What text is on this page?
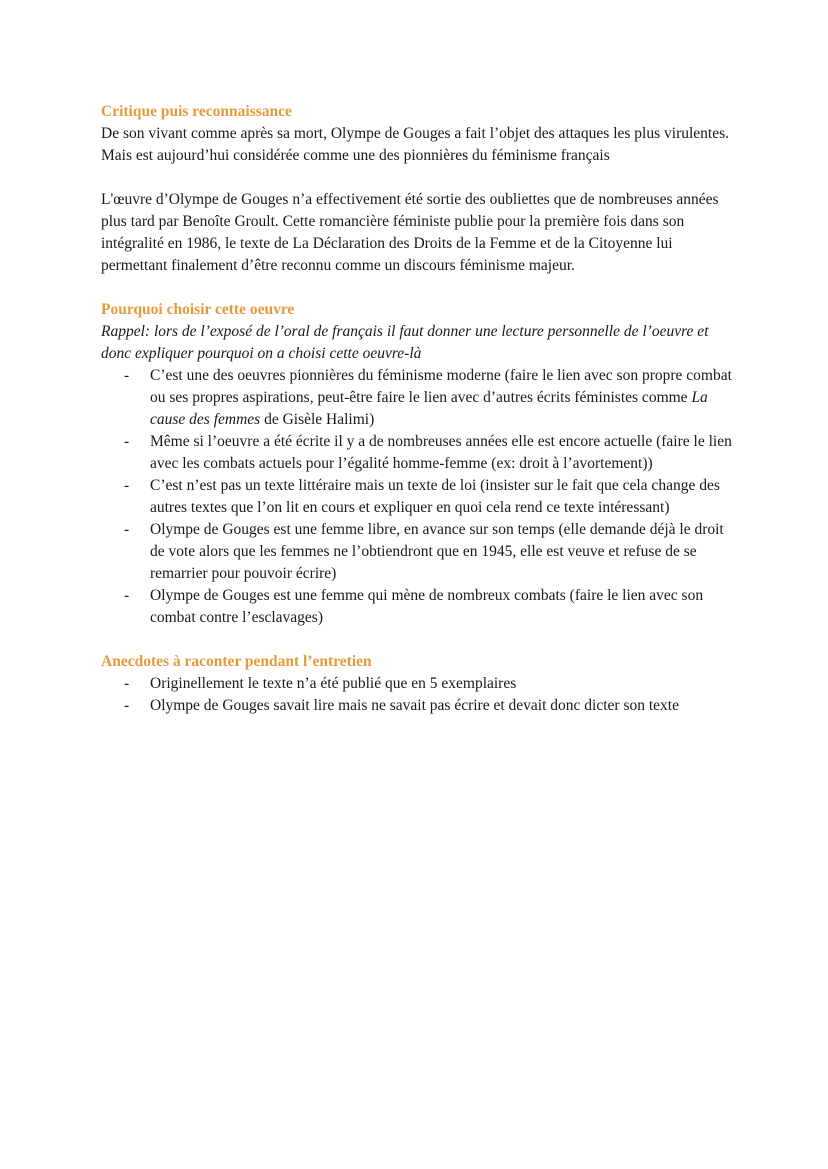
Critique puis reconnaissance

De son vivant comme après sa mort, Olympe de Gouges a fait l’objet des attaques les plus virulentes. Mais est aujourd’hui considérée comme une des pionnières du féminisme français

L'œuvre d’Olympe de Gouges n’a effectivement été sortie des oubliettes que de nombreuses années plus tard par Benoîte Groult. Cette romancière féministe publie pour la première fois dans son intégralité en 1986, le texte de La Déclaration des Droits de la Femme et de la Citoyenne lui permettant finalement d’être reconnu comme un discours féminisme majeur.

Pourquoi choisir cette oeuvre

Rappel: lors de l’exposé de l’oral de français il faut donner une lecture personnelle de l’oeuvre et donc expliquer pourquoi on a choisi cette oeuvre-là

- C’est une des oeuvres pionnières du féminisme moderne (faire le lien avec son propre combat ou ses propres aspirations, peut-être faire le lien avec d’autres écrits féministes comme La cause des femmes de Gisèle Halimi)
- Même si l’oeuvre a été écrite il y a de nombreuses années elle est encore actuelle (faire le lien avec les combats actuels pour l’égalité homme-femme (ex: droit à l’avortement))
- C’est n’est pas un texte littéraire mais un texte de loi (insister sur le fait que cela change des autres textes que l’on lit en cours et expliquer en quoi cela rend ce texte intéressant)
- Olympe de Gouges est une femme libre, en avance sur son temps (elle demande déjà le droit de vote alors que les femmes ne l’obtiendront que en 1945, elle est veuve et refuse de se remarrier pour pouvoir écrire)
- Olympe de Gouges est une femme qui mène de nombreux combats (faire le lien avec son combat contre l’esclavages)

Anecdotes à raconter pendant l’entretien

- Originellement le texte n’a été publié que en 5 exemplaires
- Olympe de Gouges savait lire mais ne savait pas écrire et devait donc dicter son texte
